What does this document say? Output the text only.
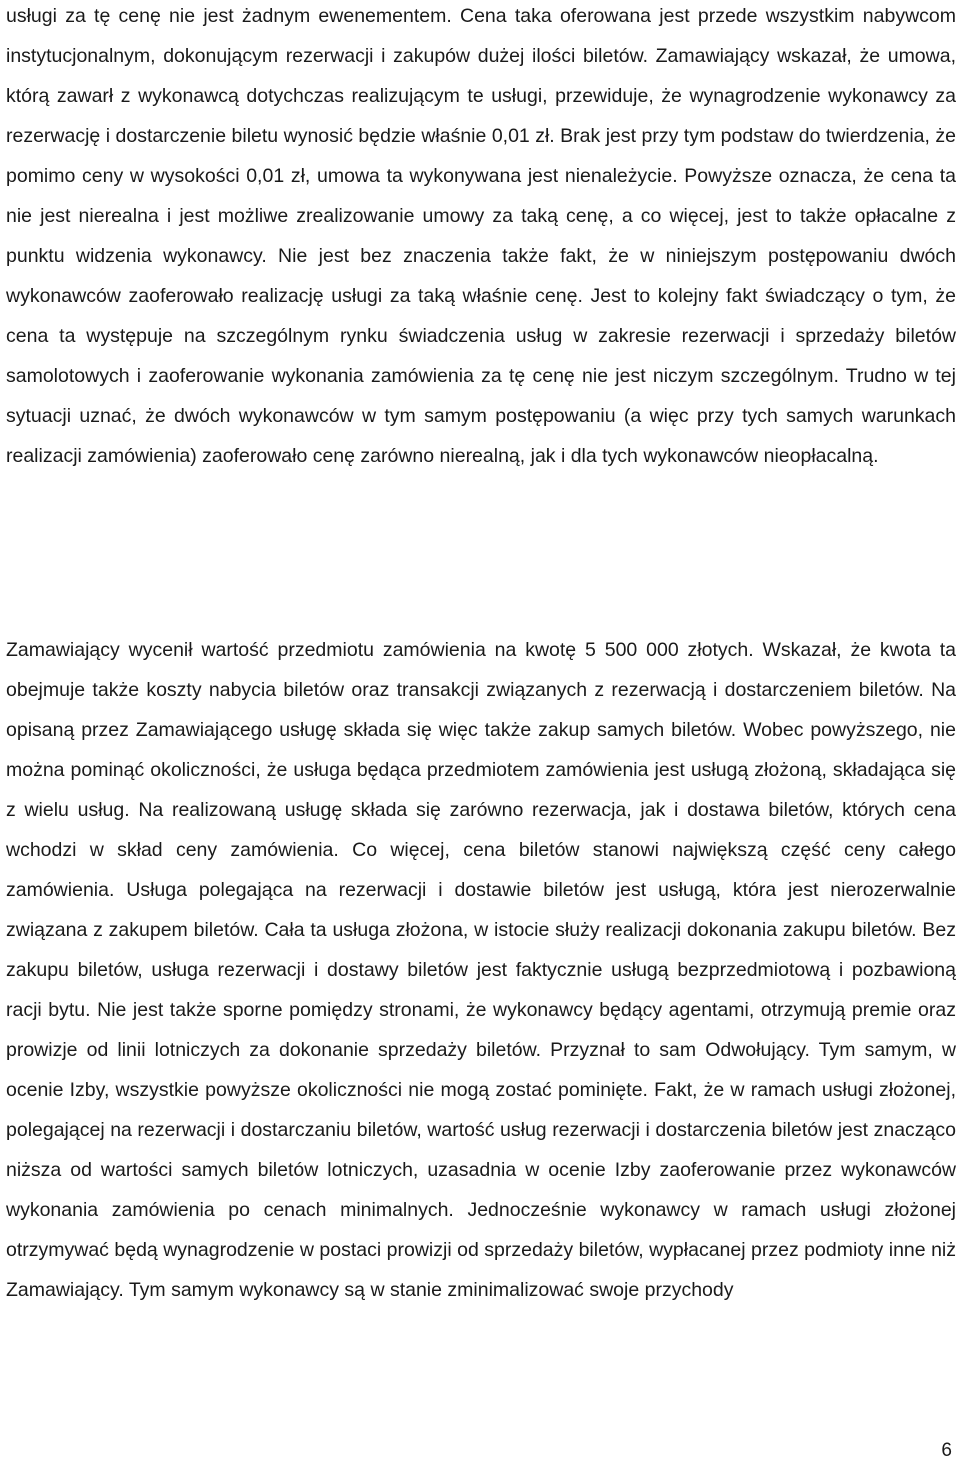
usługi za tę cenę nie jest żadnym ewenementem. Cena taka oferowana jest przede wszystkim nabywcom instytucjonalnym, dokonującym rezerwacji i zakupów dużej ilości biletów. Zamawiający wskazał, że umowa, którą zawarł z wykonawcą dotychczas realizującym te usługi, przewiduje, że wynagrodzenie wykonawcy za rezerwację i dostarczenie biletu wynosić będzie właśnie 0,01 zł. Brak jest przy tym podstaw do twierdzenia, że pomimo ceny w wysokości 0,01 zł, umowa ta wykonywana jest nienależycie. Powyższe oznacza, że cena ta nie jest nierealna i jest możliwe zrealizowanie umowy za taką cenę, a co więcej, jest to także opłacalne z punktu widzenia wykonawcy. Nie jest bez znaczenia także fakt, że w niniejszym postępowaniu dwóch wykonawców zaoferowało realizację usługi za taką właśnie cenę. Jest to kolejny fakt świadczący o tym, że cena ta występuje na szczególnym rynku świadczenia usług w zakresie rezerwacji i sprzedaży biletów samolotowych i zaoferowanie wykonania zamówienia za tę cenę nie jest niczym szczególnym. Trudno w tej sytuacji uznać, że dwóch wykonawców w tym samym postępowaniu (a więc przy tych samych warunkach realizacji zamówienia) zaoferowało cenę zarówno nierealną, jak i dla tych wykonawców nieopłacalną.

Zamawiający wycenił wartość przedmiotu zamówienia na kwotę 5 500 000 złotych. Wskazał, że kwota ta obejmuje także koszty nabycia biletów oraz transakcji związanych z rezerwacją i dostarczeniem biletów. Na opisaną przez Zamawiającego usługę składa się więc także zakup samych biletów. Wobec powyższego, nie można pominąć okoliczności, że usługa będąca przedmiotem zamówienia jest usługą złożoną, składająca się z wielu usług. Na realizowaną usługę składa się zarówno rezerwacja, jak i dostawa biletów, których cena wchodzi w skład ceny zamówienia. Co więcej, cena biletów stanowi największą część ceny całego zamówienia. Usługa polegająca na rezerwacji i dostawie biletów jest usługą, która jest nierozerwalnie związana z zakupem biletów. Cała ta usługa złożona, w istocie służy realizacji dokonania zakupu biletów. Bez zakupu biletów, usługa rezerwacji i dostawy biletów jest faktycznie usługą bezprzedmiotową i pozbawioną racji bytu. Nie jest także sporne pomiędzy stronami, że wykonawcy będący agentami, otrzymują premie oraz prowizje od linii lotniczych za dokonanie sprzedaży biletów. Przyznał to sam Odwołujący. Tym samym, w ocenie Izby, wszystkie powyższe okoliczności nie mogą zostać pominięte. Fakt, że w ramach usługi złożonej, polegającej na rezerwacji i dostarczaniu biletów, wartość usług rezerwacji i dostarczenia biletów jest znacząco niższa od wartości samych biletów lotniczych, uzasadnia w ocenie Izby zaoferowanie przez wykonawców wykonania zamówienia po cenach minimalnych. Jednocześnie wykonawcy w ramach usługi złożonej otrzymywać będą wynagrodzenie w postaci prowizji od sprzedaży biletów, wypłacanej przez podmioty inne niż Zamawiający. Tym samym wykonawcy są w stanie zminimalizować swoje przychody

6
